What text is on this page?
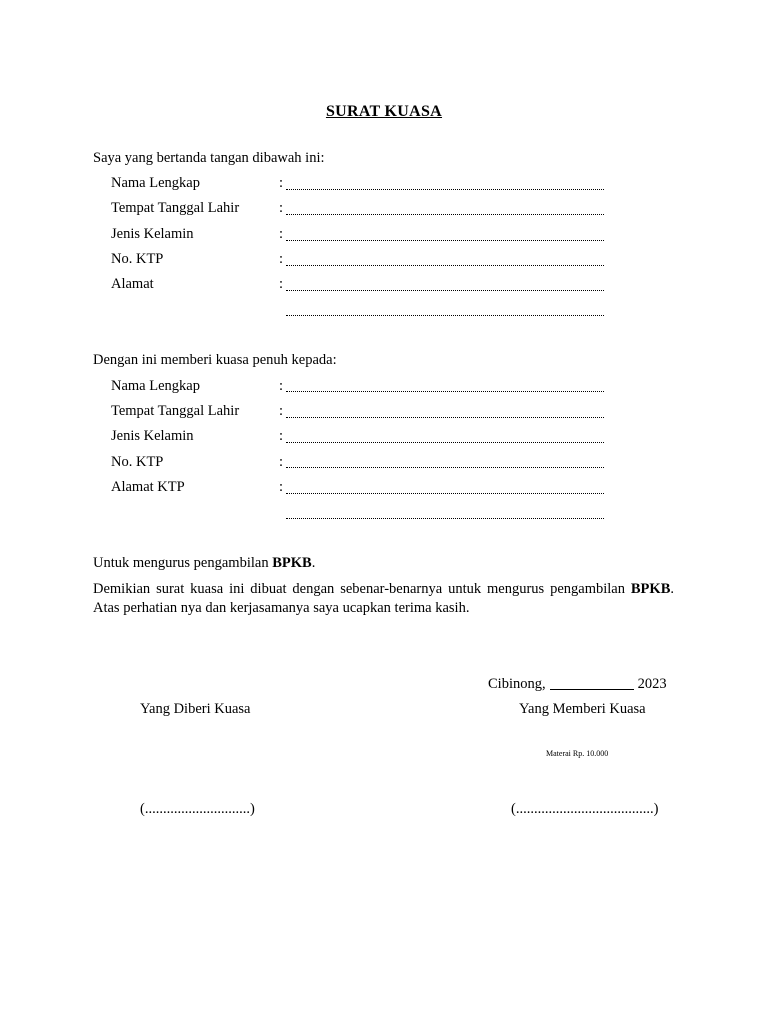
SURAT KUASA
Saya yang bertanda tangan dibawah ini:
Nama Lengkap	:
Tempat Tanggal Lahir	:
Jenis Kelamin	:
No. KTP	:
Alamat	:
Dengan ini memberi kuasa penuh kepada:
Nama Lengkap	:
Tempat Tanggal Lahir	:
Jenis Kelamin	:
No. KTP	:
Alamat KTP	:
Untuk mengurus pengambilan BPKB.
Demikian surat kuasa ini dibuat dengan sebenar-benarnya untuk mengurus pengambilan BPKB. Atas perhatian nya dan kerjasamanya saya ucapkan terima kasih.
Cibinong,	2023
Yang Diberi Kuasa	Yang Memberi Kuasa
Materai Rp. 10.000
(.............................)	(......................................)
